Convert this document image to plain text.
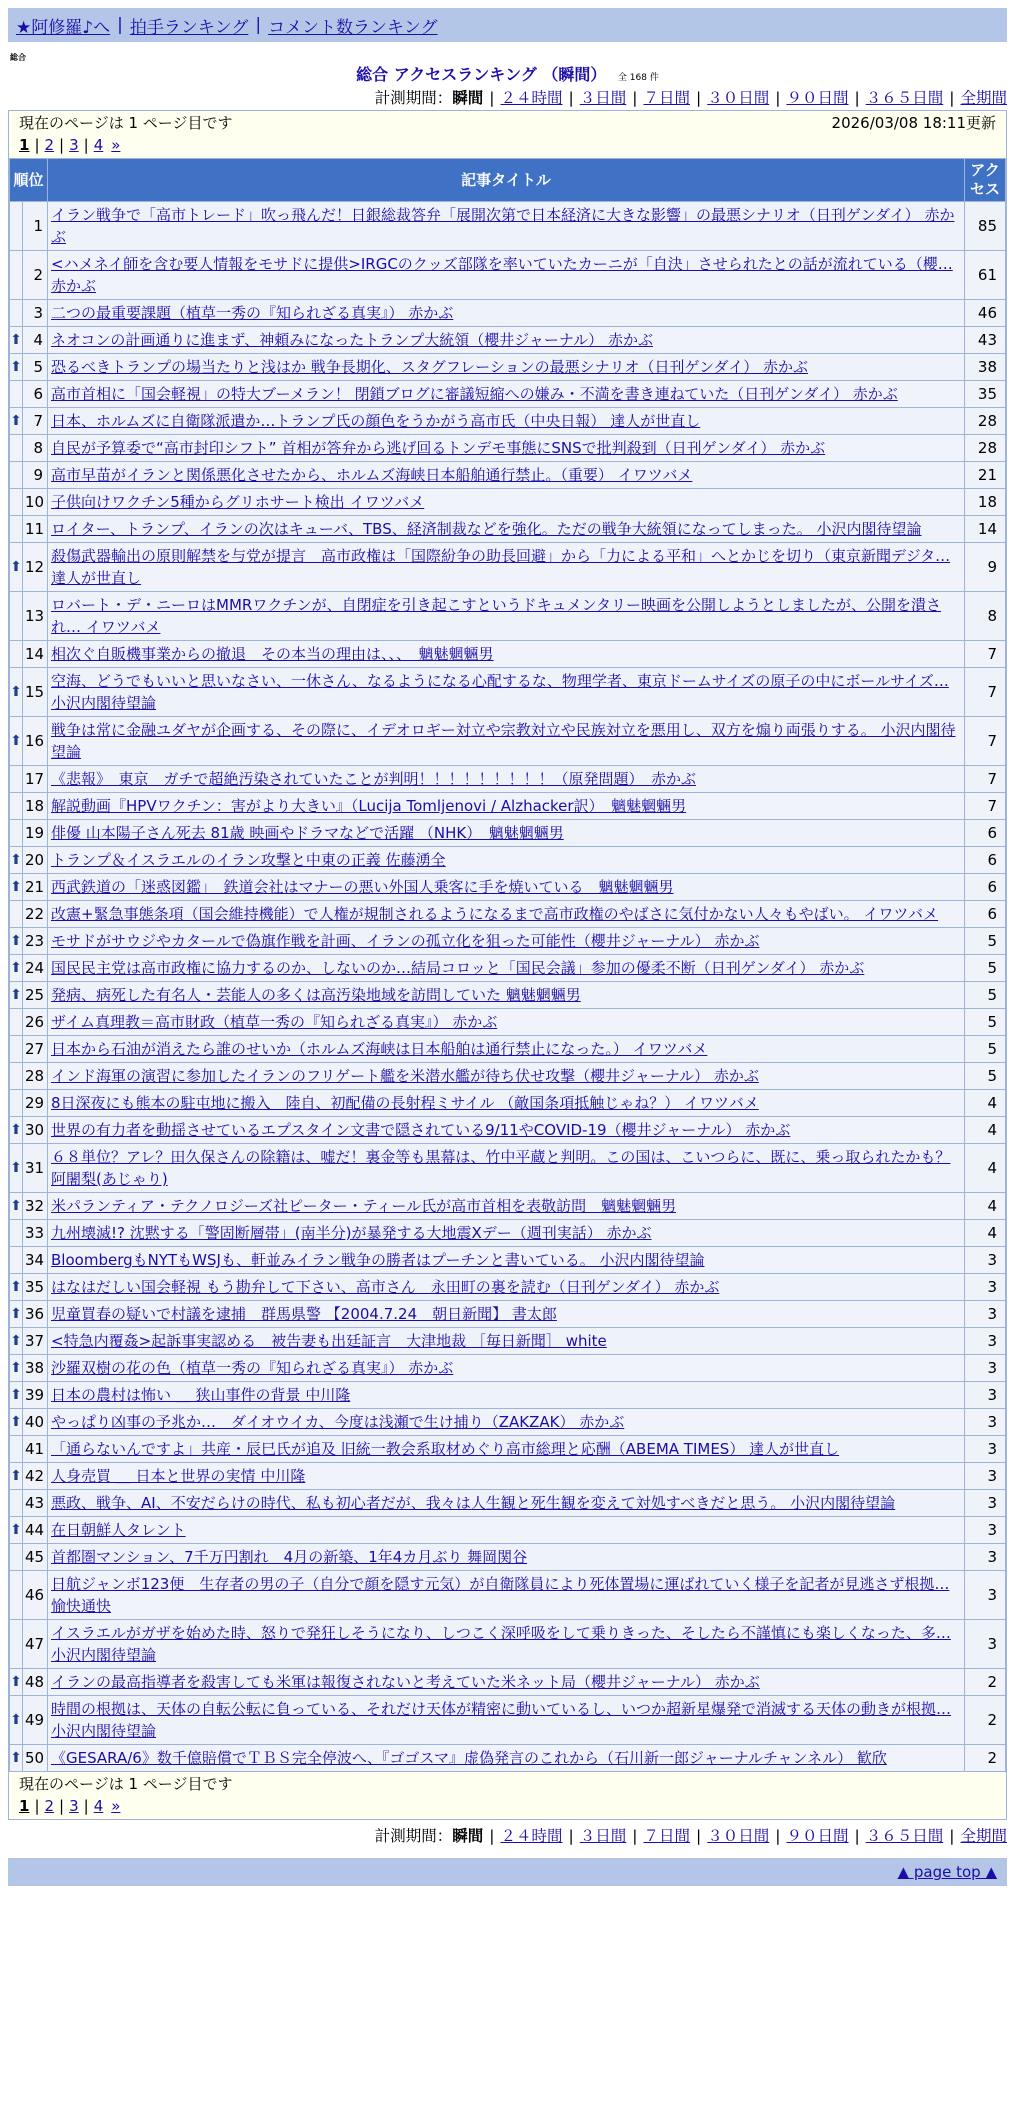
★阿修羅♪へ | 拍手ランキング | コメント数ランキング
総合
総合 アクセスランキング （瞬間） 全 168 件
計測期間：瞬間 | ２４時間 | ３日間 | ７日間 | ３０日間 | ９０日間 | ３６５日間 | 全期間
現在のページは 1 ページ目です	2026/03/08 18:11更新
1 | 2 | 3 | 4 »
順位		記事タイトル	アクセス
	1	イラン戦争で「高市トレード」吹っ飛んだ！日銀総裁答弁「展開次第で日本経済に大きな影響」の最悪シナリオ（日刊ゲンダイ） 赤かぶ	85
	2	<ハメネイ師を含む要人情報をモサドに提供>IRGCのクッズ部隊を率いていたカーニが「自決」させられたとの話が流れている（櫻… 赤かぶ	61
	3	二つの最重要課題（植草一秀の『知られざる真実』） 赤かぶ	46
⬆	4	ネオコンの計画通りに進まず、神頼みになったトランプ大統領（櫻井ジャーナル） 赤かぶ	43
⬆	5	恐るべきトランプの場当たりと浅はか 戦争長期化、スタグフレーションの最悪シナリオ（日刊ゲンダイ） 赤かぶ	38
	6	高市首相に「国会軽視」の特大ブーメラン！ 閉鎖ブログに審議短縮への嫌み・不満を書き連ねていた（日刊ゲンダイ） 赤かぶ	35
⬆	7	日本、ホルムズに自衛隊派遣か…トランプ氏の顔色をうかがう高市氏（中央日報） 達人が世直し	28
	8	自民が予算委で“高市封印シフト” 首相が答弁から逃げ回るトンデモ事態にSNSで批判殺到（日刊ゲンダイ） 赤かぶ	28
	9	高市早苗がイランと関係悪化させたから、ホルムズ海峡日本船舶通行禁止。（重要） イワツバメ	21
	10	子供向けワクチン5種からグリホサート検出 イワツバメ	18
	11	ロイター、トランプ、イランの次はキューバ、TBS、経済制裁などを強化。ただの戦争大統領になってしまった。 小沢内閣待望論	14
⬆	12	殺傷武器輸出の原則解禁を与党が提言　高市政権は「国際紛争の助長回避」から「力による平和」へとかじを切り（東京新聞デジタ… 達人が世直し	9
	13	ロバート・デ・ニーロはMMRワクチンが、自閉症を引き起こすというドキュメンタリー映画を公開しようとしましたが、公開を潰され… イワツバメ	8
	14	相次ぐ自販機事業からの撤退　その本当の理由は、、、　魑魅魍魎男	7
⬆	15	空海、どうでもいいと思いなさい、一休さん、なるようになる心配するな、物理学者、東京ドームサイズの原子の中にボールサイズ… 小沢内閣待望論	7
⬆	16	戦争は常に金融ユダヤが企画する、その際に、イデオロギー対立や宗教対立や民族対立を悪用し、双方を煽り両張りする。 小沢内閣待望論	7
	17	《悲報》　東京　ガチで超絶汚染されていたことが判明！！！！！！！！！（原発問題）　赤かぶ	7
	18	解説動画『HPVワクチン：害がより大きい』（Lucija Tomljenovi / Alzhacker訳）　魑魅魍魎男	7
	19	俳優 山本陽子さん死去 81歳 映画やドラマなどで活躍 （NHK）　魑魅魍魎男	6
⬆	20	トランプ＆イスラエルのイラン攻撃と中東の正義 佐藤湧全	6
⬆	21	西武鉄道の「迷惑図鑑」　鉄道会社はマナーの悪い外国人乗客に手を焼いている　魑魅魍魎男	6
	22	改憲+緊急事態条項（国会維持機能）で人権が規制されるようになるまで高市政権のやばさに気付かない人々もやばい。 イワツバメ	6
⬆	23	モサドがサウジやカタールで偽旗作戦を計画、イランの孤立化を狙った可能性（櫻井ジャーナル） 赤かぶ	5
⬆	24	国民民主党は高市政権に協力するのか、しないのか…結局コロッと「国民会議」参加の優柔不断（日刊ゲンダイ） 赤かぶ	5
⬆	25	発病、病死した有名人・芸能人の多くは高汚染地域を訪問していた 魑魅魍魎男	5
	26	ザイム真理教＝高市財政（植草一秀の『知られざる真実』） 赤かぶ	5
	27	日本から石油が消えたら誰のせいか（ホルムズ海峡は日本船舶は通行禁止になった。） イワツバメ	5
	28	インド海軍の演習に参加したイランのフリゲート艦を米潜水艦が待ち伏せ攻撃（櫻井ジャーナル） 赤かぶ	5
	29	8日深夜にも熊本の駐屯地に搬入　陸自、初配備の長射程ミサイル （敵国条項抵触じゃね？） イワツバメ	4
⬆	30	世界の有力者を動揺させているエプスタイン文書で隠されている9/11やCOVID-19（櫻井ジャーナル） 赤かぶ	4
⬆	31	６８単位？アレ？田久保さんの除籍は、嘘だ！裏金等も黒幕は、竹中平蔵と判明。この国は、こいつらに、既に、乗っ取られたかも？ 阿闍梨(あじゃり)	4
⬆	32	米パランティア・テクノロジーズ社ピーター・ティール氏が高市首相を表敬訪問　魑魅魍魎男	4
	33	九州壊滅!? 沈黙する「警固断層帯」(南半分)が暴発する大地震Xデー（週刊実話） 赤かぶ	4
	34	BloombergもNYTもWSJも、軒並みイラン戦争の勝者はプーチンと書いている。 小沢内閣待望論	3
⬆	35	はなはだしい国会軽視 もう勘弁して下さい、高市さん　永田町の裏を読む（日刊ゲンダイ） 赤かぶ	3
⬆	36	児童買春の疑いで村議を逮捕　群馬県警 【2004.7.24　朝日新聞】 書太郎	3
⬆	37	<特急内覆姦>起訴事実認める　被告妻も出廷証言　大津地裁 ［毎日新聞］ white	3
⬆	38	沙羅双樹の花の色（植草一秀の『知られざる真実』） 赤かぶ	3
⬆	39	日本の農村は怖い ＿ 狭山事件の背景 中川隆	3
⬆	40	やっぱり凶事の予兆か…　ダイオウイカ、今度は浅瀬で生け捕り（ZAKZAK） 赤かぶ	3
	41	「通らないんですよ」共産・辰巳氏が追及 旧統一教会系取材めぐり高市総理と応酬（ABEMA TIMES） 達人が世直し	3
⬆	42	人身売買 ＿ 日本と世界の実情 中川隆	3
	43	悪政、戦争、AI、不安だらけの時代、私も初心者だが、我々は人生観と死生観を変えて対処すべきだと思う。 小沢内閣待望論	3
⬆	44	在日朝鮮人タレント	3
	45	首都圏マンション、7千万円割れ　4月の新築、1年4カ月ぶり 舞岡関谷	3
	46	日航ジャンボ123便　生存者の男の子（自分で顔を隠す元気）が自衛隊員により死体置場に運ばれていく様子を記者が見逃さず根拠… 愉快通快	3
	47	イスラエルがガザを始めた時、怒りで発狂しそうになり、しつこく深呼吸をして乗りきった、そしたら不謹慎にも楽しくなった、多… 小沢内閣待望論	3
⬆	48	イランの最高指導者を殺害しても米軍は報復されないと考えていた米ネット局（櫻井ジャーナル） 赤かぶ	2
⬆	49	時間の根拠は、天体の自転公転に負っている、それだけ天体が精密に動いているし、いつか超新星爆発で消滅する天体の動きが根拠… 小沢内閣待望論	2
⬆	50	《GESARA/6》数千億賠償でＴＢＳ完全停波へ、『ゴゴスマ』虚偽発言のこれから（石川新一郎ジャーナルチャンネル） 歓欣	2
現在のページは 1 ページ目です
1 | 2 | 3 | 4 »
計測期間：瞬間 | ２４時間 | ３日間 | ７日間 | ３０日間 | ９０日間 | ３６５日間 | 全期間
▲ page top ▲
